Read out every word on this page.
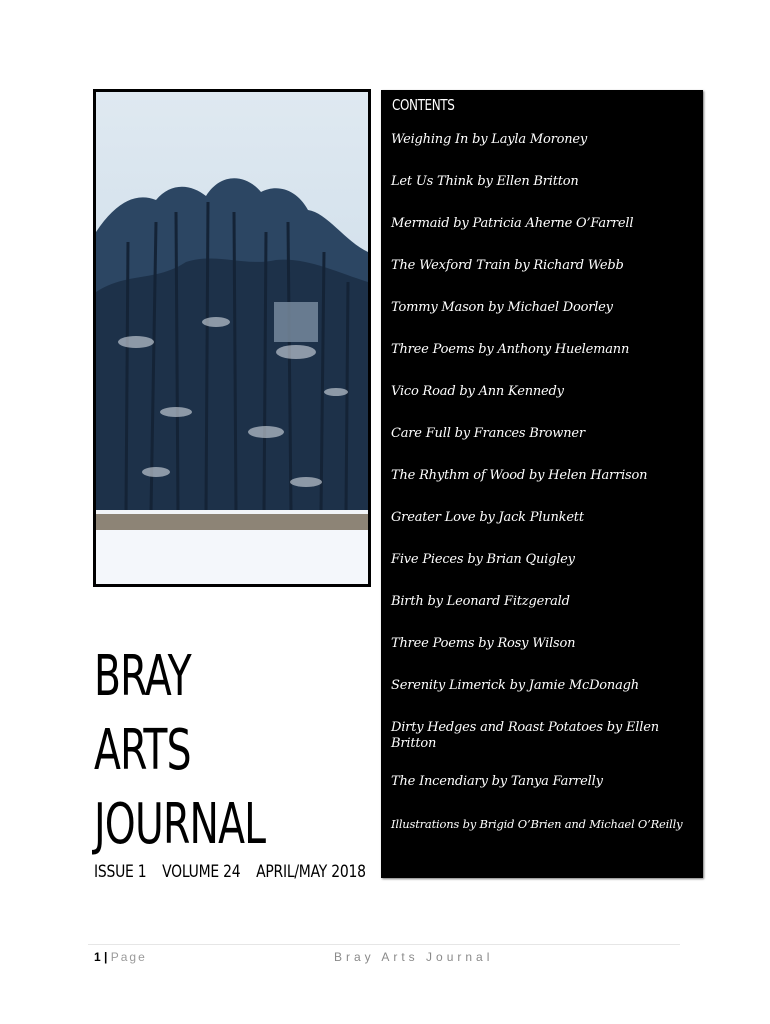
BRAY
ARTS
JOURNAL
ISSUE 1 VOLUME 24 APRIL/MAY 2018
CONTENTS
Weighing In by Layla Moroney
Let Us Think by Ellen Britton
Mermaid by Patricia Aherne O’Farrell
The Wexford Train by Richard Webb
Tommy Mason by Michael Doorley
Three Poems by Anthony Huelemann
Vico Road by Ann Kennedy
Care Full by Frances Browner
The Rhythm of Wood by Helen Harrison
Greater Love by Jack Plunkett
Five Pieces by Brian Quigley
Birth by Leonard Fitzgerald
Three Poems by Rosy Wilson
Serenity Limerick by Jamie McDonagh
Dirty Hedges and Roast Potatoes by Ellen Britton
The Incendiary by Tanya Farrelly
Illustrations by Brigid O’Brien and Michael O’Reilly
1 | Page	Bray Arts Journal
